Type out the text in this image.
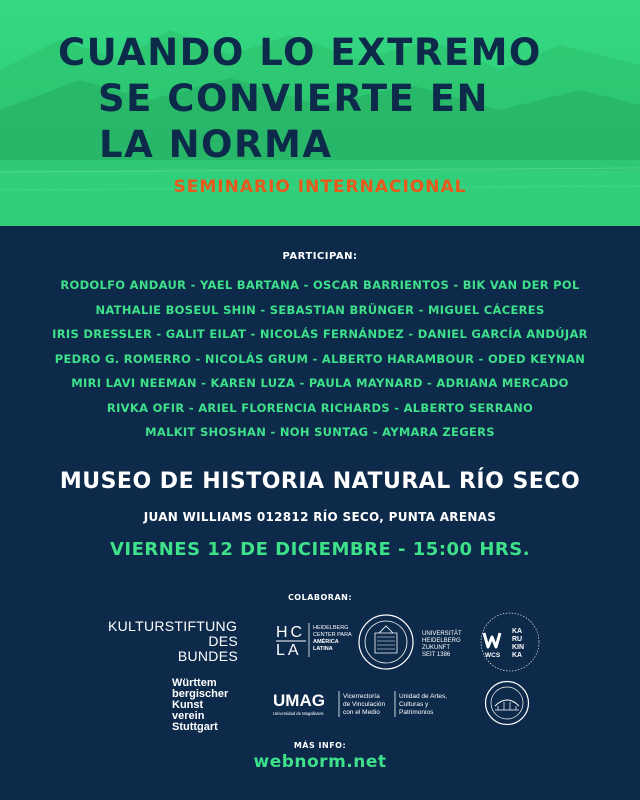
CUANDO LO EXTREMO
SE CONVIERTE EN
LA NORMA
SEMINARIO INTERNACIONAL
PARTICIPAN:
RODOLFO ANDAUR - YAEL BARTANA - OSCAR BARRIENTOS - BIK VAN DER POL
NATHALIE BOSEUL SHIN - SEBASTIAN BRÜNGER - MIGUEL CÁCERES
IRIS DRESSLER - GALIT EILAT - NICOLÁS FERNÁNDEZ - DANIEL GARCÍA ANDÚJAR
PEDRO G. ROMERRO - NICOLÁS GRUM - ALBERTO HARAMBOUR - ODED KEYNAN
MIRI LAVI NEEMAN - KAREN LUZA - PAULA MAYNARD - ADRIANA MERCADO
RIVKA OFIR - ARIEL FLORENCIA RICHARDS - ALBERTO SERRANO
MALKIT SHOSHAN - NOH SUNTAG - AYMARA ZEGERS
MUSEO DE HISTORIA NATURAL RÍO SECO
JUAN WILLIAMS 012812 RÍO SECO, PUNTA ARENAS
VIERNES 12 DE DICIEMBRE - 15:00 HRS.
COLABORAN:
KULTURSTIFTUNG
DES
BUNDES
HC
LA
HEIDELBERG
CENTER PARA
AMÉRICA
LATINA
UNIVERSITÄT
HEIDELBERG
ZUKUNFT
SEIT 1386	WCS
KA RU KIN KA
Württem
bergischer
Kunst
verein
Stuttgart
UMAG
Universidad de Magallanes
Vicerrectoría
de Vinculación
con el Medio
Unidad de Artes,
Culturas y
Patrimonios
MÁS INFO:
webnorm.net
